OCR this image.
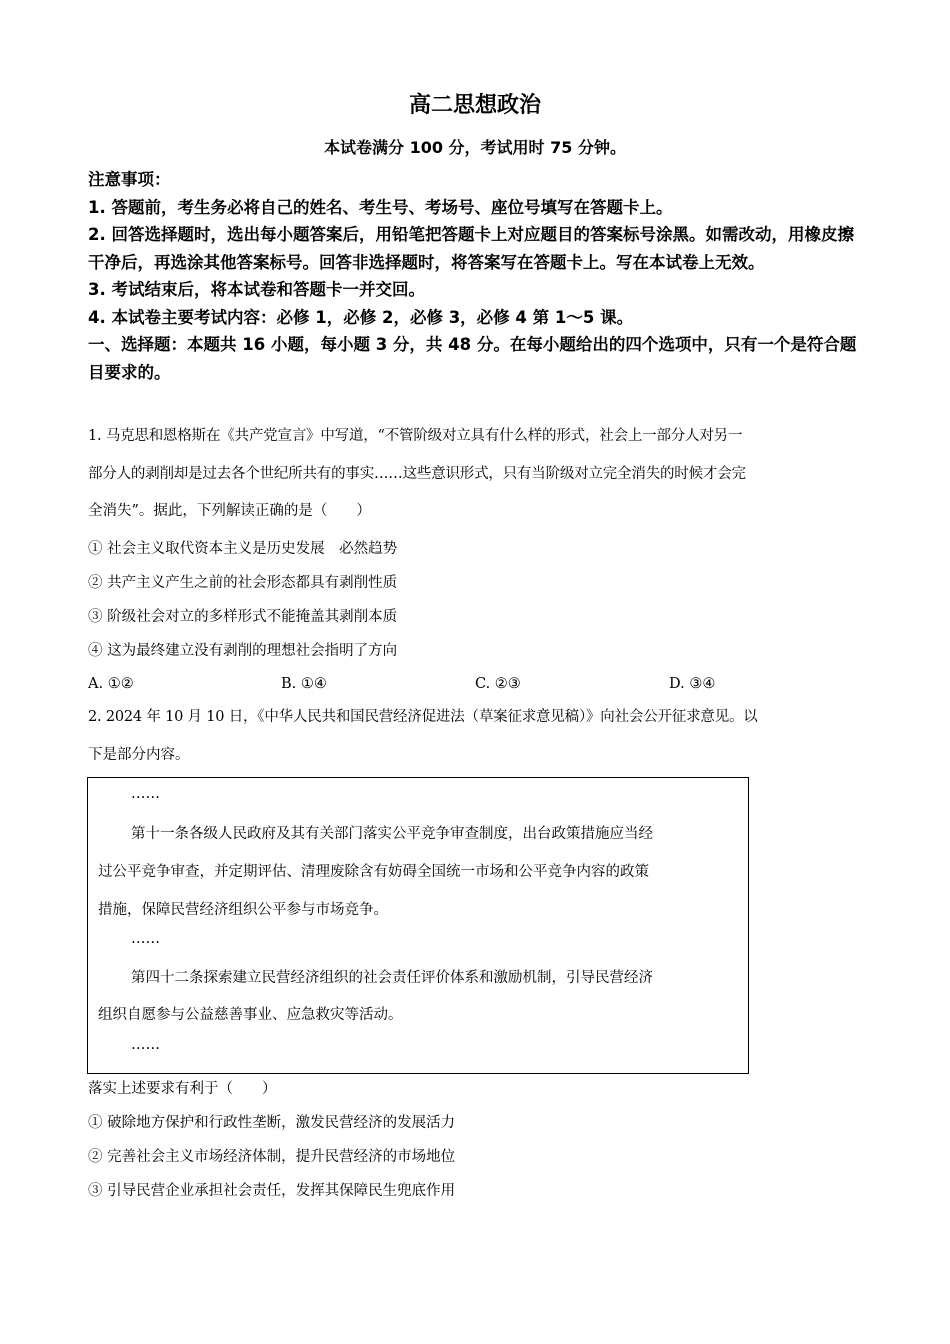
高二思想政治
本试卷满分 100 分，考试用时 75 分钟。
注意事项：
1. 答题前，考生务必将自己的姓名、考生号、考场号、座位号填写在答题卡上。
2. 回答选择题时，选出每小题答案后，用铅笔把答题卡上对应题目的答案标号涂黑。如需改动，用橡皮擦干净后，再选涂其他答案标号。回答非选择题时，将答案写在答题卡上。写在本试卷上无效。
3. 考试结束后，将本试卷和答题卡一并交回。
4. 本试卷主要考试内容：必修 1，必修 2，必修 3，必修 4 第 1～5 课。
一、选择题：本题共 16 小题，每小题 3 分，共 48 分。在每小题给出的四个选项中，只有一个是符合题目要求的。
1. 马克思和恩格斯在《共产党宣言》中写道，“不管阶级对立具有什么样的形式，社会上一部分人对另一
部分人的剥削却是过去各个世纪所共有的事实……这些意识形式，只有当阶级对立完全消失的时候才会完
全消失”。据此，下列解读正确的是（　　）
① 社会主义取代资本主义是历史发展　必然趋势
② 共产主义产生之前的社会形态都具有剥削性质
③ 阶级社会对立的多样形式不能掩盖其剥削本质
④ 这为最终建立没有剥削的理想社会指明了方向
A. ①②	B. ①④	C. ②③	D. ③④
2. 2024 年 10 月 10 日，《中华人民共和国民营经济促进法（草案征求意见稿）》向社会公开征求意见。以
下是部分内容。
……
第十一条各级人民政府及其有关部门落实公平竞争审查制度，出台政策措施应当经
过公平竞争审查，并定期评估、清理废除含有妨碍全国统一市场和公平竞争内容的政策
措施，保障民营经济组织公平参与市场竞争。
……
第四十二条探索建立民营经济组织的社会责任评价体系和激励机制，引导民营经济
组织自愿参与公益慈善事业、应急救灾等活动。
……
落实上述要求有利于（　　）
① 破除地方保护和行政性垄断，激发民营经济的发展活力
② 完善社会主义市场经济体制，提升民营经济的市场地位
③ 引导民营企业承担社会责任，发挥其保障民生兜底作用
